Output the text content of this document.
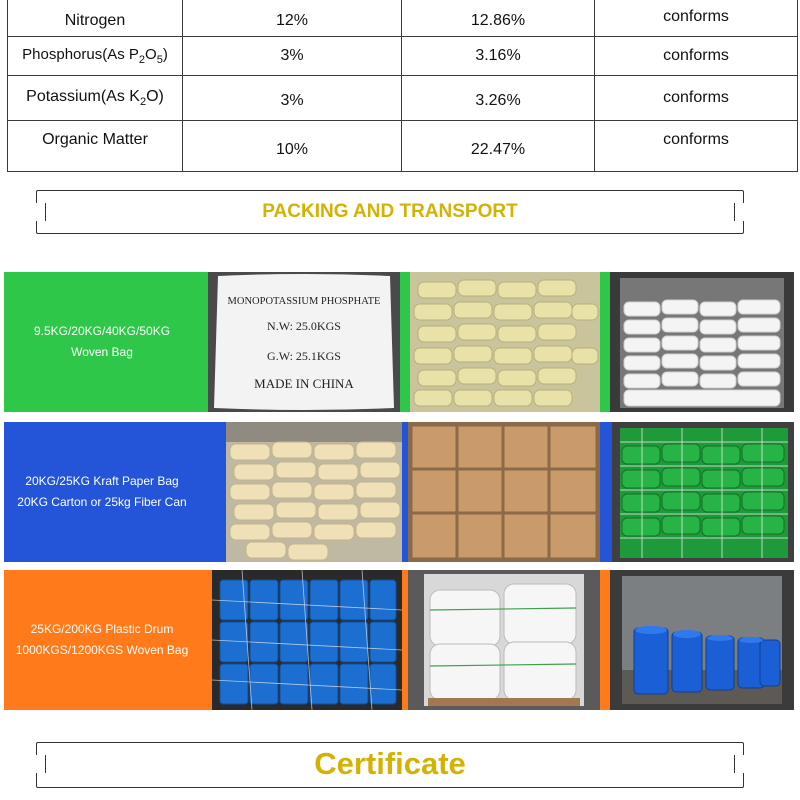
Nitrogen	12%	12.86%	conforms
Phosphorus(As $P_2O_5$)	3%	3.16%	conforms
Potassium(As $K_2O$)	3%	3.26%	conforms
Organic Matter	10%	22.47%	conforms
PACKING AND TRANSPORT
9.5KG/20KG/40KG/50KG
Woven Bag
MONOPOTASSIUM PHOSPHATE
N.W: 25.0KGS
G.W: 25.1KGS
MADE IN CHINA
20KG/25KG Kraft Paper Bag
20KG Carton or 25kg Fiber Can
25KG/200KG Plastic Drum
1000KGS/1200KGS Woven Bag
Certificate
